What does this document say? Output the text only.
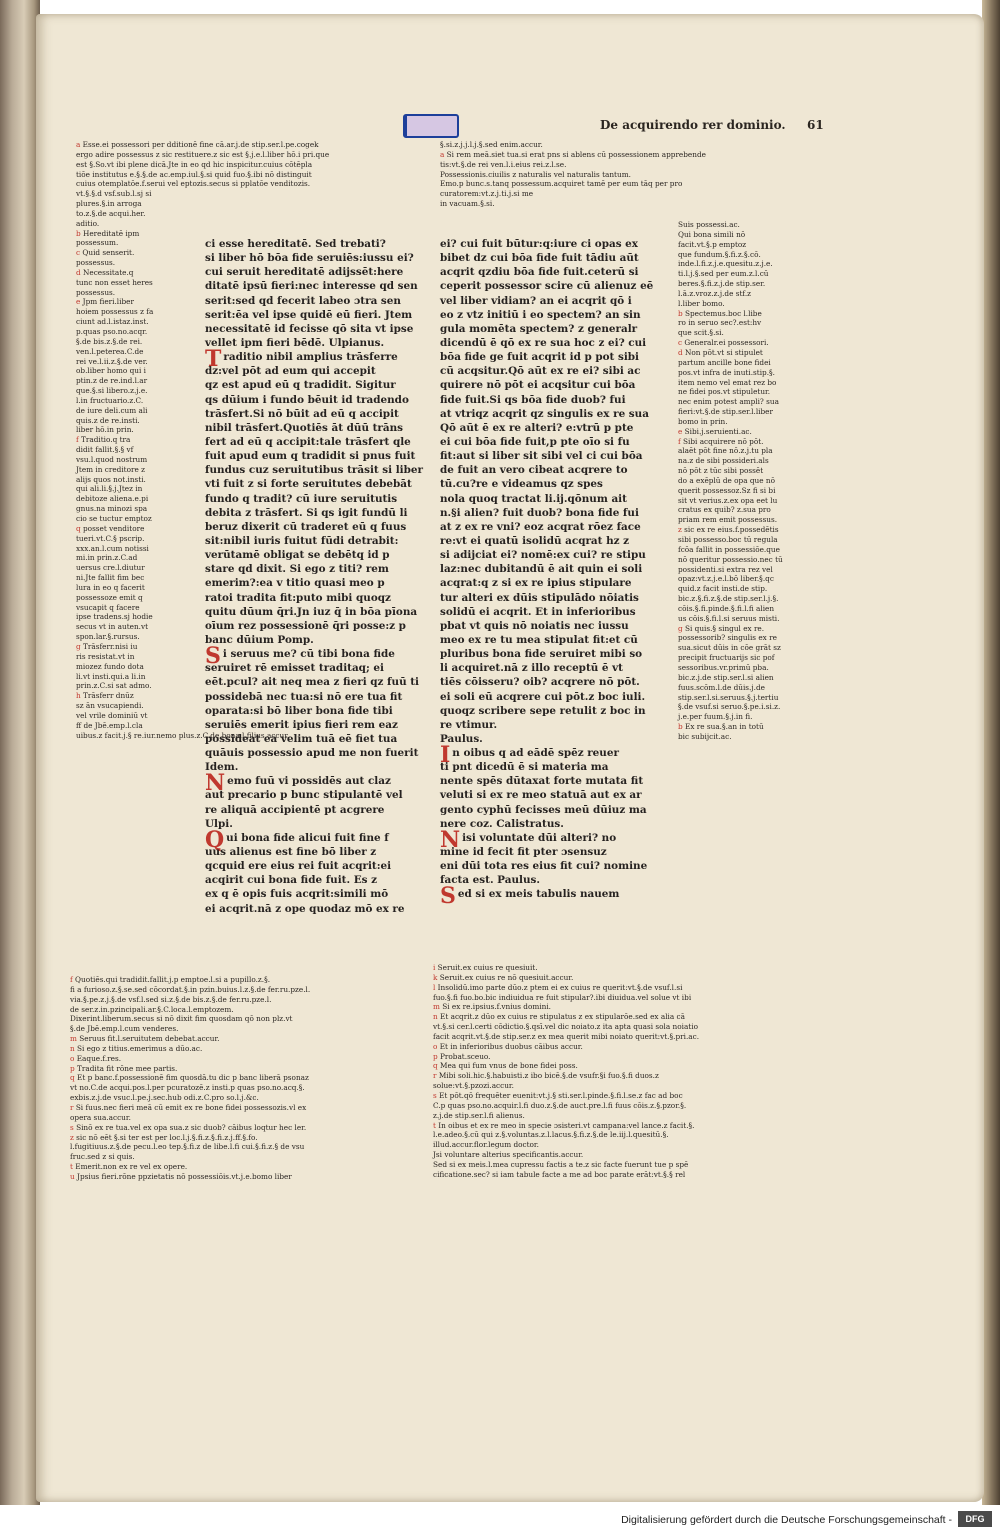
De acquirendo rer dominio.	61
a Esse.ei possessori per dditionē fine cā.ar.j.de stip.ser.l.pe.cogek
ergo adire possessus z sic restituere.z sic est §.j.e.l.liber hō.i pri.que
est §.So.vt ibi plene dicā.Jte in eo qd hic inspicitur.cuius cōtēpla
tiōe institutus e.§.§.de ac.emp.iul.§.si quid fuo.§.ibi nō distinguit
cuius otemplatōe.f.serui vel eptozis.secus si pplatōe venditozis.
vt.§.§.d vsf.sub.l.sj si
plures.§.in arroga
to.z.§.de acqui.her.
aditio.
b Hereditatē ipm
possessum.
c Quid senserit.
possessus.
d Necessitate.q
tunc non esset heres
possessus.
e Jpm fieri.liber
hoiem possessus z fa
ciunt ad.l.istaz.inst.
p.quas pso.no.acqr.
§.de bis.z.§.de rei.
ven.l.peterea.C.de
rei ve.l.ii.z.§.de ver.
ob.liber homo qui i
ptin.z de re.ind.l.ar
que.§.si libero.z.j.e.
l.in fructuario.z.C.
de iure deli.cum ali
quis.z de re.insti.
liber hō.in prin.
f Traditio.q tra
didit fallit.§.§ vf
vsu.l.quod nostrum
Jtem in creditore z
alijs quos not.insti.
qui ali.li.§.j.Jtez in
debitoze aliena.e.pi
gnus.na minozi spa
cio se tuctur emptoz
q posset venditore
tueri.vt.C.§ pscrip.
xxx.an.l.cum notissi
mi.in prin.z.C.ad
uersus cre.l.diutur
ni.Jte fallit fim bec
lura in eo q facerit
possessoze emit q
vsucapit q facere
ipse tradens.sj hodie
secus vt in auten.vt
spon.lar.§.rursus.
g Trāsferr.nisi iu
ris resistat.vt in
miozez fundo dota
li.vt insti.qui.a li.in
prin.z.C.si sat admo.
h Trāsferr dnūz
sz ān vsucapiendi.
vel vrile dominiū vt
ff de Jbē.emp.l.cla
uibus.z facit.j.§ re.iur.nemo plus.z.C.de bona.l.filius.accur.
ci esse hereditatē. Sed trebati?
si liber hō bōa fide seruiēs:iussu ei?
cui seruit hereditatē adijssēt:here
ditatē ipsū fieri:nec interesse qd sen
serit:sed qd fecerit labeo ɔtra sen
serit:ēa vel ipse quidē eū fieri. Jtem
necessitatē id fecisse qō sita vt ipse
vellet ipm fieri bēdē. Ulpianus.
Traditio nibil amplius trāsferre
dz:vel pōt ad eum qui accepit
qz est apud eū q tradidit. Sigitur
qs dūium i fundo bēuit id tradendo
trāsfert.Si nō būit ad eū q accipit
nibil trāsfert.Quotiēs āt dūū trāns
fert ad eū q accipit:tale trāsfert qle
fuit apud eum q tradidit si pnus fuit
fundus cuz seruitutibus trāsit si liber
vti fuit z si forte seruitutes debebāt
fundo q tradit? cū iure seruitutis
debita z trāsfert. Si qs igit fundū li
beruz dixerit cū traderet eū q fuus
sit:nibil iuris fuitut fūdi detrabit:
verūtamē obligat se debētq id p
stare qd dixit. Si ego z titi? rem
emerim?:ea v titio quasi meo p
ratoi tradita fit:puto mibi quoqz
quitu dūum q̄ri.Jn iuz q̄ in bōa pīona
oīum rez possessionē q̄ri posse:z p
banc dūium Pomp.
Si seruus me? cū tibi bona fide
seruiret rē emisset traditaq; ei
eēt.pcul? ait neq mea z fieri qz fuū ti
possidebā nec tua:si nō ere tua fit
oparata:si bō liber bona fide tibi
seruiēs emerit ipius fieri rem eaz
possideat ea velim tuā eē fiet tua
quāuis possessio apud me non fuerit
Idem.
Nemo fuū vi possidēs aut claz
aut precario p bunc stipulantē vel
re aliquā accipientē pt acgrere
Ulpi.
Qui bona fide alicui fuit fine f
uus alienus est fine bō liber z
qcquid ere eius rei fuit acqrit:ei
acqirit cui bona fide fuit. Es z
ex q ē opis fuis acqrit:simili mō
ei acqrit.nā z ope quodaz mō ex re
§.si.z.j.j.l.j.§.sed enim.accur.
a Si rem meā.siet tua.si erat pns si ablens cū possessionem apprebende
tis:vt.§.de rei ven.l.i.eius rei.z.l.se.
Possessionis.ciuilis z naturalis vel naturalis tantum.
Emo.p bunc.s.tanq possessum.acquiret tamē per eum tāq per pro
curatorem:vt.z.j.ti.j.si me
in vacuam.§.si.
ei? cui fuit būtur:q:iure ci opas ex
bibet dz cui bōa fide fuit tādiu aūt
acqrit qzdiu bōa fide fuit.ceterū si
ceperit possessor scire cū alienuz eē
vel liber vidiam? an ei acqrit qō i
eo z vtz initiū i eo spectem? an sin
gula momēta spectem? z generalr
dicendū ē qō ex re sua hoc z ei? cui
bōa fide ge fuit acqrit id p pot sibi
cū acqsitur.Qō aūt ex re ei? sibi ac
quirere nō pōt ei acqsitur cui bōa
fide fuit.Si qs bōa fide duob? fui
at vtriqz acqrit qz singulis ex re sua
Qō aūt ē ex re alteri? e:vtrū p pte
ei cui bōa fide fuit,p pte oīo si fu
fit:aut si liber sit sibi vel ci cui bōa
de fuit an vero cibeat acqrere to
tū.cu?re e videamus qz spes
nola quoq tractat li.ij.qōnum ait
n.§i alien? fuit duob? bona fide fui
at z ex re vni? eoz acqrat rōez face
re:vt ei quatū isolidū acqrat hz z
si adijciat ei? nomē:ex cui? re stipu
laz:nec dubitandū ē ait quin ei soli
acqrat:q z si ex re ipius stipulare
tur alteri ex dūis stipulādo nōiatis
solidū ei acqrit. Et in inferioribus
pbat vt quis nō noiatis nec iussu
meo ex re tu mea stipulat fit:et cū
pluribus bona fide seruiret mibi so
li acquiret.nā z illo receptū ē vt
tiēs cōisseru? oib? acqrere nō pōt.
ei soli eū acqrere cui pōt.z boc iuli.
quoqz scribere sepe retulit z boc in
re vtimur.
Paulus.
In oibus q ad eādē spēz reuer
ti pnt dicedū ē si materia ma
nente spēs dūtaxat forte mutata fit
veluti si ex re meo statuā aut ex ar
gento cyphū fecisses meū dūiuz ma
nere coz. Calistratus.
Nisi voluntate dūi alteri? no
mine id fecit fit pter ɔsensuz
eni dūi tota res eius fit cui? nomine
facta est. Paulus.
Sed si ex meis tabulis nauem
Suis possessi.ac.
Qui bona simili nō
facit.vt.§.p emptoz
que fundum.§.fi.z.§.cō.
inde.l.fi.z.j.e.quesitu.z.j.e.
ti.l.j.§.sed per eum.z.l.cū
beres.§.fi.z.j.de stip.ser.
l.ā.z.vroz.z.j.de stf.z
l.liber bomo.
b Spectemus.boc l.libe
ro in seruo sec?.est:hv
que scit.§.si.
c Generalr.ei possessori.
d Non pōt.vt si stipulet
partum ancille bone fidei
pos.vt infra de inuti.stip.§.
item nemo vel emat rez bo
ne fidei pos.vt stipuletur.
nec enim potest ampli? sua
fieri:vt.§.de stip.ser.l.liber
bomo in prin.
e Sibi.j.seruienti.ac.
f Sibi acquirere nō pōt.
alaēt pōt fine nō.z.j.tu pla
na.z de sibi possideri.als
nō pōt z tūc sibi possēt
do a exēplū de opa que nō
querit possessoz.Sz fi si bi
sit vt verius.z.ex opa eet lu
cratus ex quib? z.sua pro
priam rem emit possessus.
z sic ex re eius.f.possedētis
sibi possesso.boc tū regula
fcōa fallit in possessiōe.que
nō queritur possessio.nec tū
possidenti.si extra rez vel
opaz:vt.z.j.e.l.bō liber.§.qc
quid.z facit insti.de stip.
bic.z.§.fi.z.§.de stip.ser.l.j.§.
cōis.§.fi.pinde.§.fi.l.fi alien
us cōis.§.fi.l.si seruus misti.
g Si quis.§ singul ex re.
possessorib? singulis ex re
sua.sicut dūis in cōe grāt sz
precipit fructuarijs sic pof
sessoribus.vr.primū pba.
bic.z.j.de stip.ser.l.si alien
fuus.scōm.l.de dūis.j.de
stip.ser.l.si.seruus.§.j.tertiu
§.de vsuf.si seruo.§.pe.i.si.z.
j.e.per fuum.§.j.in fi.
b Ex re sua.§.an in totū
bic subijcit.ac.
f Quotiēs.qui tradidit.fallit.j.p emptoe.l.si a pupillo.z.§.
fi a furioso.z.§.se.sed cōcordat.§.in pzin.buius.l.z.§.de fer.ru.pze.l.
via.§.pe.z.j.§.de vsf.l.sed si.z.§.de bis.z.§.de fer.ru.pze.l.
de ser.z.in.pzincipali.ar.§.C.loca.l.emptozem.
Dixerint.liberum.secus si nō dixit fim quosdam qō non plz.vt
§.de Jbē.emp.l.cum venderes.
m Seruus fit.l.seruitutem debebat.accur.
n Si ego z titius.emerimus a dūo.ac.
o Eaque.f.res.
p Tradita fit rōne mee partis.
q Et p banc.f.possessionē fim quosdā.tu dic p banc liberā psonaz
vt no.C.de acqui.pos.l.per pcuratozē.z insti.p quas pso.no.acq.§.
exbis.z.j.de vsuc.l.pe.j.sec.hub odi.z.C.pro so.l.j.&c.
r Si fuus.nec fieri meā cū emit ex re bone fidei possessozis.vl ex
opera sua.accur.
s Sinō ex re tua.vel ex opa sua.z sic duob? cāibus loqtur hec ler.
z sic nō eēt §.si ter est per loc.l.j.§.fi.z.§.fi.z.j.ff.§.fo.
l.fugitiuus.z.§.de pecu.l.eo tep.§.fi.z de libe.l.fi cui.§.fi.z.§ de vsu
fruc.sed z si quis.
t Emerit.non ex re vel ex opere.
u Jpsius fieri.rōne ppzietatis nō possessiōis.vt.j.e.bomo liber
i Seruit.ex cuius re quesiuit.
k Seruit.ex cuius re nō quesiuit.accur.
l Insolidū.imo parte dūo.z ptem ei ex cuius re querit:vt.§.de vsuf.l.si
fuo.§.fi fuo.bo.bic indiuidua re fuit stipular?.ibi diuidua.vel solue vt ibi
m Si ex re.ipsius.f.vnius domini.
n Et acqrit.z dūo ex cuius re stipulatus z ex stipularōe.sed ex alia cā
vt.§.si cer.l.certi cōdictio.§.qsī.vel dic noiato.z ita apta quasi sola noiatio
facit acqrit.vt.§.de stip.ser.z ex mea querit mibi noiato querit:vt.§.pri.ac.
o Et in inferioribus duobus cāibus accur.
p Probat.sceuo.
q Mea qui fum vnus de bone fidei poss.
r Mibi soli.hic.§.habuisti.z ibo bicē.§.de vsufr.§i fuo.§.fi duos.z
solue:vt.§.pzozi.accur.
s Et pōt.qō frequēter euenit:vt.j.§ sti.ser.l.pinde.§.fi.l.se.z fac ad boc
C.p quas pso.no.acquir.l.fi duo.z.§.de auct.pre.l.fi fuus cōis.z.§.pzor.§.
z.j.de stip.ser.l.fi alienus.
t In oibus et ex re meo in specie ɔsisteri.vt campana:vel lance.z facit.§.
l.e.adeo.§.cū qui z.§.voluntas.z.l.lacus.§.fi.z.§.de le.iij.l.quesitū.§.
illud.accur.flor.legum doctor.
Jsi voluntare alterius specificantis.accur.
Sed si ex meis.l.mea cupressu factis a te.z sic facte fuerunt tue p spē
cificatione.sec? si iam tabule facte a me ad boc parate erāt:vt.§.§ rel
Digitalisierung gefördert durch die Deutsche Forschungsgemeinschaft -	DFG
